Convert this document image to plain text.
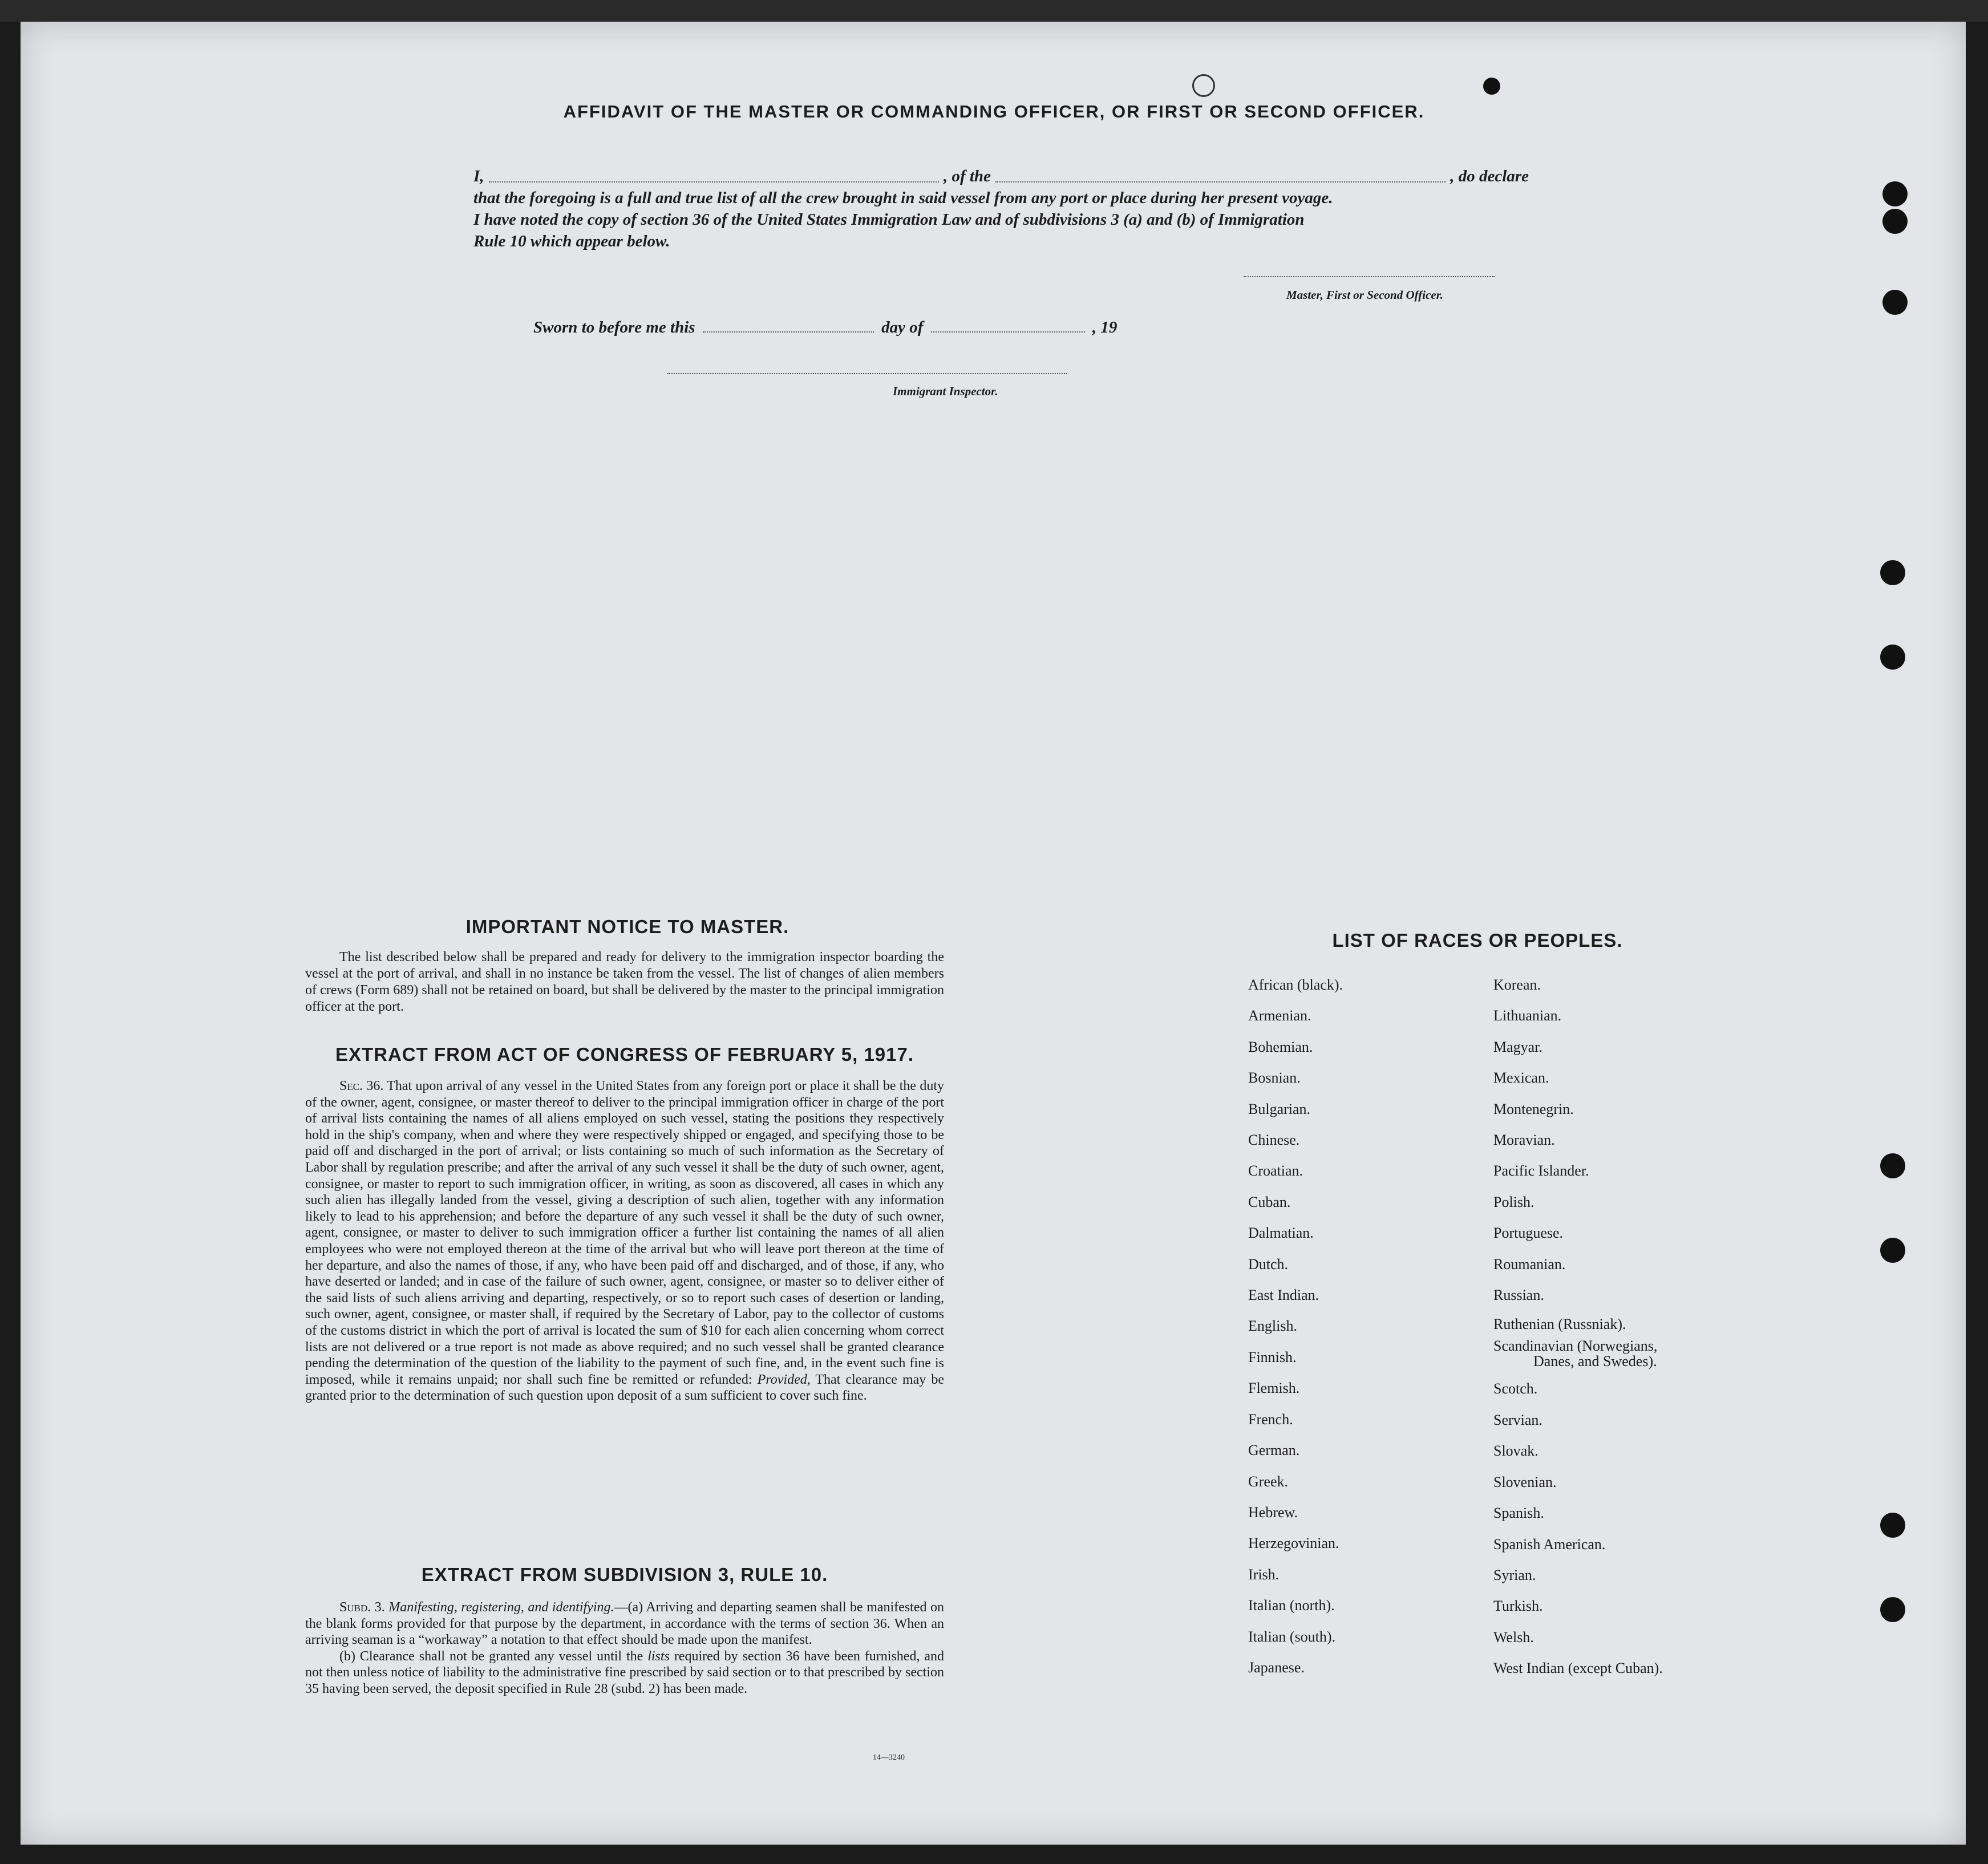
AFFIDAVIT OF THE MASTER OR COMMANDING OFFICER, OR FIRST OR SECOND OFFICER.
I,	, of the	, do declare
that the foregoing is a full and true list of all the crew brought in said vessel from any port or place during her present voyage.
I have noted the copy of section 36 of the United States Immigration Law and of subdivisions 3 (a) and (b) of Immigration
Rule 10 which appear below.
Master, First or Second Officer.
Sworn to before me this	day of	, 19
Immigrant Inspector.
IMPORTANT NOTICE TO MASTER.
The list described below shall be prepared and ready for delivery to the immigration inspector boarding the vessel at the port of arrival, and shall in no instance be taken from the vessel. The list of changes of alien members of crews (Form 689) shall not be retained on board, but shall be delivered by the master to the principal immigration officer at the port.
EXTRACT FROM ACT OF CONGRESS OF FEBRUARY 5, 1917.
Sec. 36. That upon arrival of any vessel in the United States from any foreign port or place it shall be the duty of the owner, agent, consignee, or master thereof to deliver to the principal immigration officer in charge of the port of arrival lists containing the names of all aliens employed on such vessel, stating the positions they respectively hold in the ship's company, when and where they were respectively shipped or engaged, and specifying those to be paid off and discharged in the port of arrival; or lists containing so much of such information as the Secretary of Labor shall by regulation prescribe; and after the arrival of any such vessel it shall be the duty of such owner, agent, consignee, or master to report to such immigration officer, in writing, as soon as discovered, all cases in which any such alien has illegally landed from the vessel, giving a description of such alien, together with any information likely to lead to his apprehension; and before the departure of any such vessel it shall be the duty of such owner, agent, consignee, or master to deliver to such immigration officer a further list containing the names of all alien employees who were not employed thereon at the time of the arrival but who will leave port thereon at the time of her departure, and also the names of those, if any, who have been paid off and discharged, and of those, if any, who have deserted or landed; and in case of the failure of such owner, agent, consignee, or master so to deliver either of the said lists of such aliens arriving and departing, respectively, or so to report such cases of desertion or landing, such owner, agent, consignee, or master shall, if required by the Secretary of Labor, pay to the collector of customs of the customs district in which the port of arrival is located the sum of $10 for each alien concerning whom correct lists are not delivered or a true report is not made as above required; and no such vessel shall be granted clearance pending the determination of the question of the liability to the payment of such fine, and, in the event such fine is imposed, while it remains unpaid; nor shall such fine be remitted or refunded: Provided, That clearance may be granted prior to the determination of such question upon deposit of a sum sufficient to cover such fine.
EXTRACT FROM SUBDIVISION 3, RULE 10.
Subd. 3. Manifesting, registering, and identifying.—(a) Arriving and departing seamen shall be manifested on the blank forms provided for that purpose by the department, in accordance with the terms of section 36. When an arriving seaman is a “workaway” a notation to that effect should be made upon the manifest.
(b) Clearance shall not be granted any vessel until the lists required by section 36 have been furnished, and not then unless notice of liability to the administrative fine prescribed by said section or to that prescribed by section 35 having been served, the deposit specified in Rule 28 (subd. 2) has been made.
14—3240
LIST OF RACES OR PEOPLES.
African (black).
Armenian.
Bohemian.
Bosnian.
Bulgarian.
Chinese.
Croatian.
Cuban.
Dalmatian.
Dutch.
East Indian.
English.
Finnish.
Flemish.
French.
German.
Greek.
Hebrew.
Herzegovinian.
Irish.
Italian (north).
Italian (south).
Japanese.
Korean.
Lithuanian.
Magyar.
Mexican.
Montenegrin.
Moravian.
Pacific Islander.
Polish.
Portuguese.
Roumanian.
Russian.
Ruthenian (Russniak).
Scandinavian (Norwegians,
Danes, and Swedes).
Scotch.
Servian.
Slovak.
Slovenian.
Spanish.
Spanish American.
Syrian.
Turkish.
Welsh.
West Indian (except Cuban).
